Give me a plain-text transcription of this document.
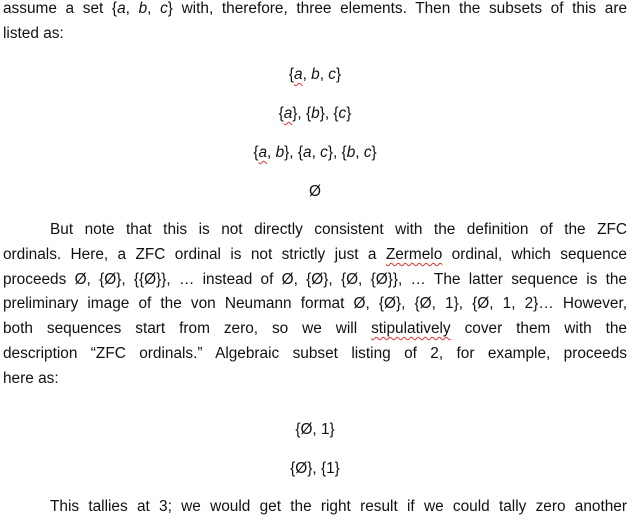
assume a set {a, b, c} with, therefore, three elements. Then the subsets of this are
listed as:

{a, b, c}

{a}, {b}, {c}

{a, b}, {a, c}, {b, c}

Ø

But note that this is not directly consistent with the definition of the ZFC
ordinals. Here, a ZFC ordinal is not strictly just a Zermelo ordinal, which sequence
proceeds Ø, {Ø}, {{Ø}}, … instead of Ø, {Ø}, {Ø, {Ø}}, … The latter sequence is the
preliminary image of the von Neumann format Ø, {Ø}, {Ø, 1}, {Ø, 1, 2}… However,
both sequences start from zero, so we will stipulatively cover them with the
description “ZFC ordinals.” Algebraic subset listing of 2, for example, proceeds
here as:

{Ø, 1}

{Ø}, {1}

This tallies at 3; we would get the right result if we could tally zero another
